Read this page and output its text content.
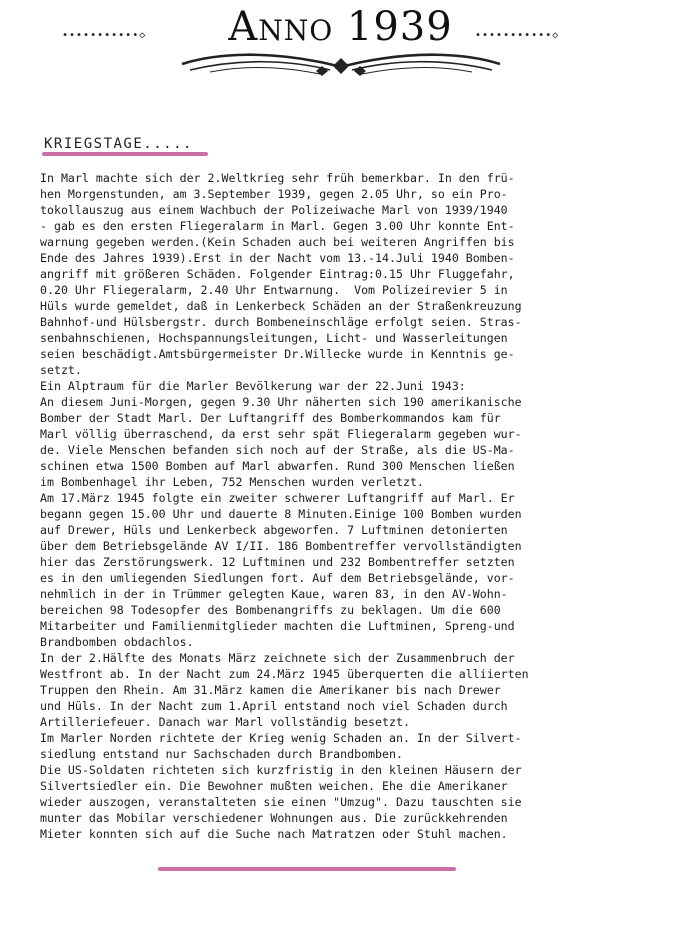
•••••••••••◇	Anno 1939	•••••••••••◇
KRIEGSTAGE.....
In Marl machte sich der 2.Weltkrieg sehr früh bemerkbar. In den frü-
hen Morgenstunden, am 3.September 1939, gegen 2.05 Uhr, so ein Pro-
tokollauszug aus einem Wachbuch der Polizeiwache Marl von 1939/1940
- gab es den ersten Fliegeralarm in Marl. Gegen 3.00 Uhr konnte Ent-
warnung gegeben werden.(Kein Schaden auch bei weiteren Angriffen bis
Ende des Jahres 1939).Erst in der Nacht vom 13.-14.Juli 1940 Bomben-
angriff mit größeren Schäden. Folgender Eintrag:0.15 Uhr Fluggefahr,
0.20 Uhr Fliegeralarm, 2.40 Uhr Entwarnung.  Vom Polizeirevier 5 in
Hüls wurde gemeldet, daß in Lenkerbeck Schäden an der Straßenkreuzung
Bahnhof-und Hülsbergstr. durch Bombeneinschläge erfolgt seien. Stras-
senbahnschienen, Hochspannungsleitungen, Licht- und Wasserleitungen
seien beschädigt.Amtsbürgermeister Dr.Willecke wurde in Kenntnis ge-
setzt.
Ein Alptraum für die Marler Bevölkerung war der 22.Juni 1943:
An diesem Juni-Morgen, gegen 9.30 Uhr näherten sich 190 amerikanische
Bomber der Stadt Marl. Der Luftangriff des Bomberkommandos kam für
Marl völlig überraschend, da erst sehr spät Fliegeralarm gegeben wur-
de. Viele Menschen befanden sich noch auf der Straße, als die US-Ma-
schinen etwa 1500 Bomben auf Marl abwarfen. Rund 300 Menschen ließen
im Bombenhagel ihr Leben, 752 Menschen wurden verletzt.
Am 17.März 1945 folgte ein zweiter schwerer Luftangriff auf Marl. Er
begann gegen 15.00 Uhr und dauerte 8 Minuten.Einige 100 Bomben wurden
auf Drewer, Hüls und Lenkerbeck abgeworfen. 7 Luftminen detonierten
über dem Betriebsgelände AV I/II. 186 Bombentreffer vervollständigten
hier das Zerstörungswerk. 12 Luftminen und 232 Bombentreffer setzten
es in den umliegenden Siedlungen fort. Auf dem Betriebsgelände, vor-
nehmlich in der in Trümmer gelegten Kaue, waren 83, in den AV-Wohn-
bereichen 98 Todesopfer des Bombenangriffs zu beklagen. Um die 600
Mitarbeiter und Familienmitglieder machten die Luftminen, Spreng-und
Brandbomben obdachlos.
In der 2.Hälfte des Monats März zeichnete sich der Zusammenbruch der
Westfront ab. In der Nacht zum 24.März 1945 überquerten die alliierten
Truppen den Rhein. Am 31.März kamen die Amerikaner bis nach Drewer
und Hüls. In der Nacht zum 1.April entstand noch viel Schaden durch
Artilleriefeuer. Danach war Marl vollständig besetzt.
Im Marler Norden richtete der Krieg wenig Schaden an. In der Silvert-
siedlung entstand nur Sachschaden durch Brandbomben.
Die US-Soldaten richteten sich kurzfristig in den kleinen Häusern der
Silvertsiedler ein. Die Bewohner mußten weichen. Ehe die Amerikaner
wieder auszogen, veranstalteten sie einen "Umzug". Dazu tauschten sie
munter das Mobilar verschiedener Wohnungen aus. Die zurückkehrenden
Mieter konnten sich auf die Suche nach Matratzen oder Stuhl machen.
